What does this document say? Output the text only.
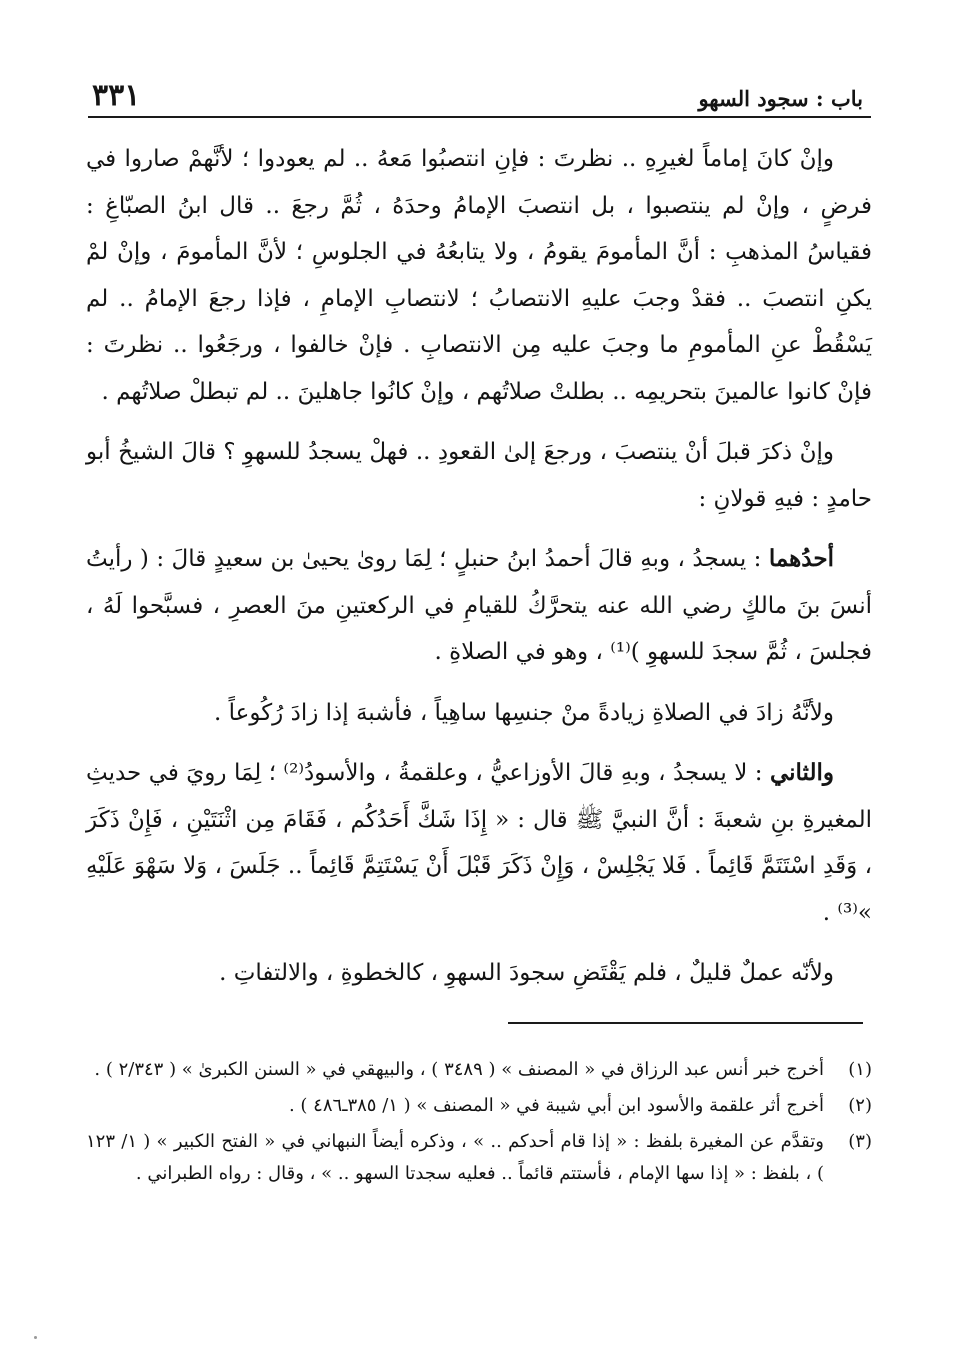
باب : سجود السهو
٣٣١

وإنْ كانَ إماماً لغيرِهِ .. نظرتَ : فإنِ انتصبُوا مَعهُ .. لم يعودوا ؛ لأنَّهمْ صاروا في فرضٍ ، وإنْ لم ينتصبوا ، بل انتصبَ الإمامُ وحدَهُ ، ثُمَّ رجعَ .. قال ابنُ الصبّاغِ : فقياسُ المذهبِ : أنَّ المأمومَ يقومُ ، ولا يتابعُهُ في الجلوسِ ؛ لأنَّ المأمومَ ، وإنْ لمْ يكنِ انتصبَ .. فقدْ وجبَ عليهِ الانتصابُ ؛ لانتصابِ الإمامِ ، فإذا رجعَ الإمامُ .. لم يَسْقُطْ عنِ المأمومِ ما وجبَ عليه مِن الانتصابِ . فإنْ خالفوا ، ورجَعُوا .. نظرتَ : فإنْ كانوا عالمينَ بتحريمِه .. بطلتْ صلاتُهم ، وإنْ كانُوا جاهلينَ .. لم تبطلْ صلاتُهم .

وإنْ ذكرَ قبلَ أنْ ينتصبَ ، ورجعَ إلىٰ القعودِ .. فهلْ يسجدُ للسهوِ ؟ قالَ الشيخُ أبو حامدٍ : فيهِ قولانِ :

أحدُهما : يسجدُ ، وبهِ قالَ أحمدُ ابنُ حنبلٍ ؛ لِمَا روىٰ يحيىٰ بن سعيدٍ قالَ : ( رأيتُ أنسَ بنَ مالكٍ رضي الله عنه يتحرَّكُ للقيامِ في الركعتينِ منَ العصرِ ، فسبَّحوا لَهُ ، فجلسَ ، ثُمَّ سجدَ للسهوِ )⁽¹⁾ ، وهو في الصلاةِ .

ولأنَّهُ زادَ في الصلاةِ زيادةً منْ جنسِها ساهِياً ، فأشبهَ إذا زادَ رُكُوعاً .

والثاني : لا يسجدُ ، وبهِ قالَ الأوزاعيُّ ، وعلقمةُ ، والأسودُ⁽²⁾ ؛ لِمَا رويَ في حديثِ المغيرةِ بنِ شعبةَ : أنَّ النبيَّ ﷺ قال : « إِذَا شَكَّ أَحَدُكُم ، فَقَامَ مِن اثْنَتَيْنِ ، فَإِنْ ذَكَرَ ، وَقَدِ اسْتَتَمَّ قَائِماً . فَلا يَجْلِسْ ، وَإِنْ ذَكَرَ قَبْلَ أَنْ يَسْتَتِمَّ قَائِماً .. جَلَسَ ، وَلا سَهْوَ عَلَيْهِ »⁽³⁾ .

ولأنّه عملٌ قليلٌ ، فلم يَقْتَضِ سجودَ السهوِ ، كالخطوةِ ، والالتفاتِ .

(١)
أخرج خبر أنس عبد الرزاق في « المصنف » ( ٣٤٨٩ ) ، والبيهقي في « السنن الكبرىٰ » ( ٢/٣٤٣ ) .
(٢)
أخرج أثر علقمة والأسود ابن أبي شيبة في « المصنف » ( ١/ ٣٨٥ـ٤٨٦ ) .
(٣)
وتقدَّم عن المغيرة بلفظ : « إذا قام أحدكم .. » ، وذكره أيضاً النبهاني في « الفتح الكبير » ( ١/ ١٢٣ ) ، بلفظ : « إذا سها الإمام ، فأستتم قائماً .. فعليه سجدتا السهو .. » ، وقال : رواه الطبراني .
